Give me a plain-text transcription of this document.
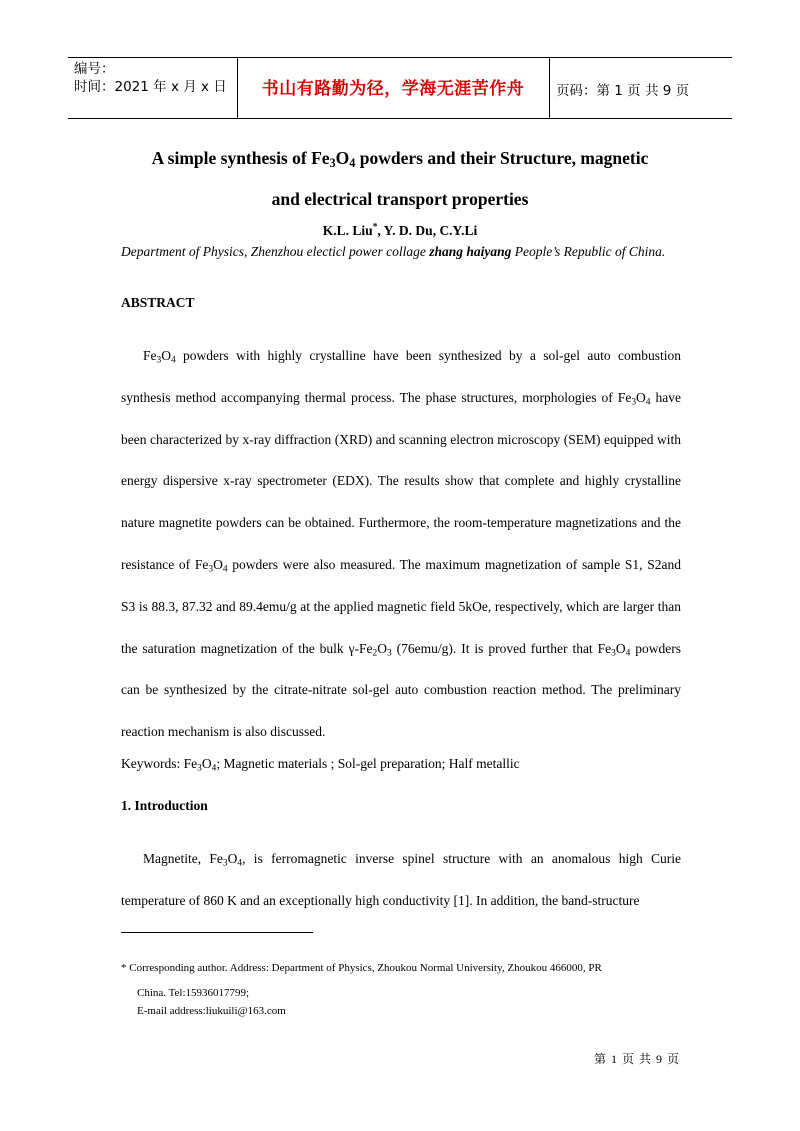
编号：
时间：2021 年 x 月 x 日	书山有路勤为径，学海无涯苦作舟	页码：第 1 页 共 9 页
A simple synthesis of $Fe_3O_4$ powders and their Structure, magnetic
and electrical transport properties
K.L. Liu*, Y. D. Du, C.Y.Li
Department of Physics, Zhenzhou electicl power collage zhang haiyang People’s Republic of China.
ABSTRACT

$Fe_3O_4$ powders with highly crystalline have been synthesized by a sol-gel auto combustion synthesis method accompanying thermal process. The phase structures, morphologies of $Fe_3O_4$ have been characterized by x-ray diffraction (XRD) and scanning electron microscopy (SEM) equipped with energy dispersive x-ray spectrometer (EDX). The results show that complete and highly crystalline nature magnetite powders can be obtained. Furthermore, the room-temperature magnetizations and the resistance of $Fe_3O_4$ powders were also measured. The maximum magnetization of sample S1, S2and S3 is 88.3, 87.32 and 89.4emu/g at the applied magnetic field 5kOe, respectively, which are larger than the saturation magnetization of the bulk $\gamma-Fe_2O_3$ (76emu/g). It is proved further that $Fe_3O_4$ powders can be synthesized by the citrate-nitrate sol-gel auto combustion reaction method. The preliminary reaction mechanism is also discussed.

Keywords: $Fe_3O_4$; Magnetic materials ; Sol-gel preparation; Half metallic
1. Introduction

Magnetite, $Fe_3O_4$, is ferromagnetic inverse spinel structure with an anomalous high Curie temperature of 860 K and an exceptionally high conductivity [1]. In addition, the band-structure

* Corresponding author. Address: Department of Physics, Zhoukou Normal University, Zhoukou 466000, PR
China. Tel:15936017799;
E-mail address:liukuili@163.com
第 1 页 共 9 页
